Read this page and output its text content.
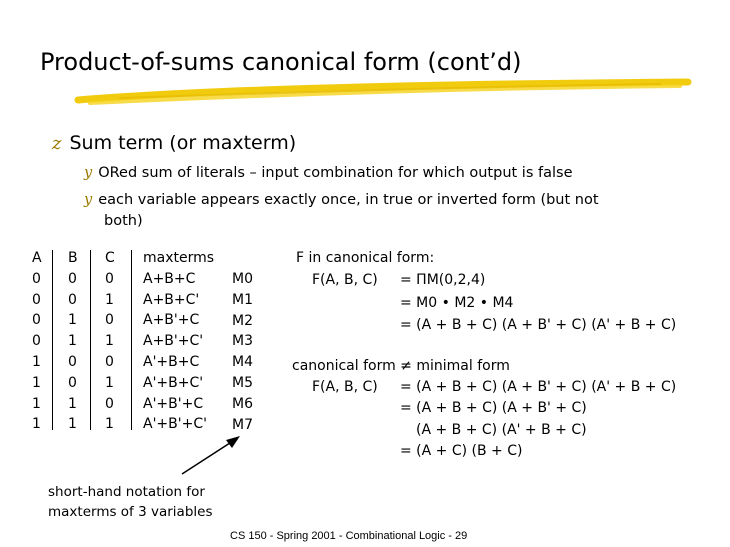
Product-of-sums canonical form (cont’d)
z Sum term (or maxterm)
y ORed sum of literals – input combination for which output is false
y each variable appears exactly once, in true or inverted form (but not
both)
A
0
0
0
0
1
1
1
1
B
0
0
1
1
0
0
1
1
C
0
1
0
1
0
1
0
1
maxterms
A+B+C
A+B+C'
A+B'+C
A+B'+C'
A'+B+C
A'+B+C'
A'+B'+C
A'+B'+C'
M0
M1
M2
M3
M4
M5
M6
M7
short-hand notation for
maxterms of 3 variables
F in canonical form:
F(A, B, C) = ΠM(0,2,4)
= M0 • M2 • M4
= (A + B + C) (A + B' + C) (A' + B + C)
canonical form ≠ minimal form
F(A, B, C) = (A + B + C) (A + B' + C) (A' + B + C)
= (A + B + C) (A + B' + C)
(A + B + C) (A' + B + C)
= (A + C) (B + C)
CS 150 - Spring 2001 - Combinational Logic - 29
